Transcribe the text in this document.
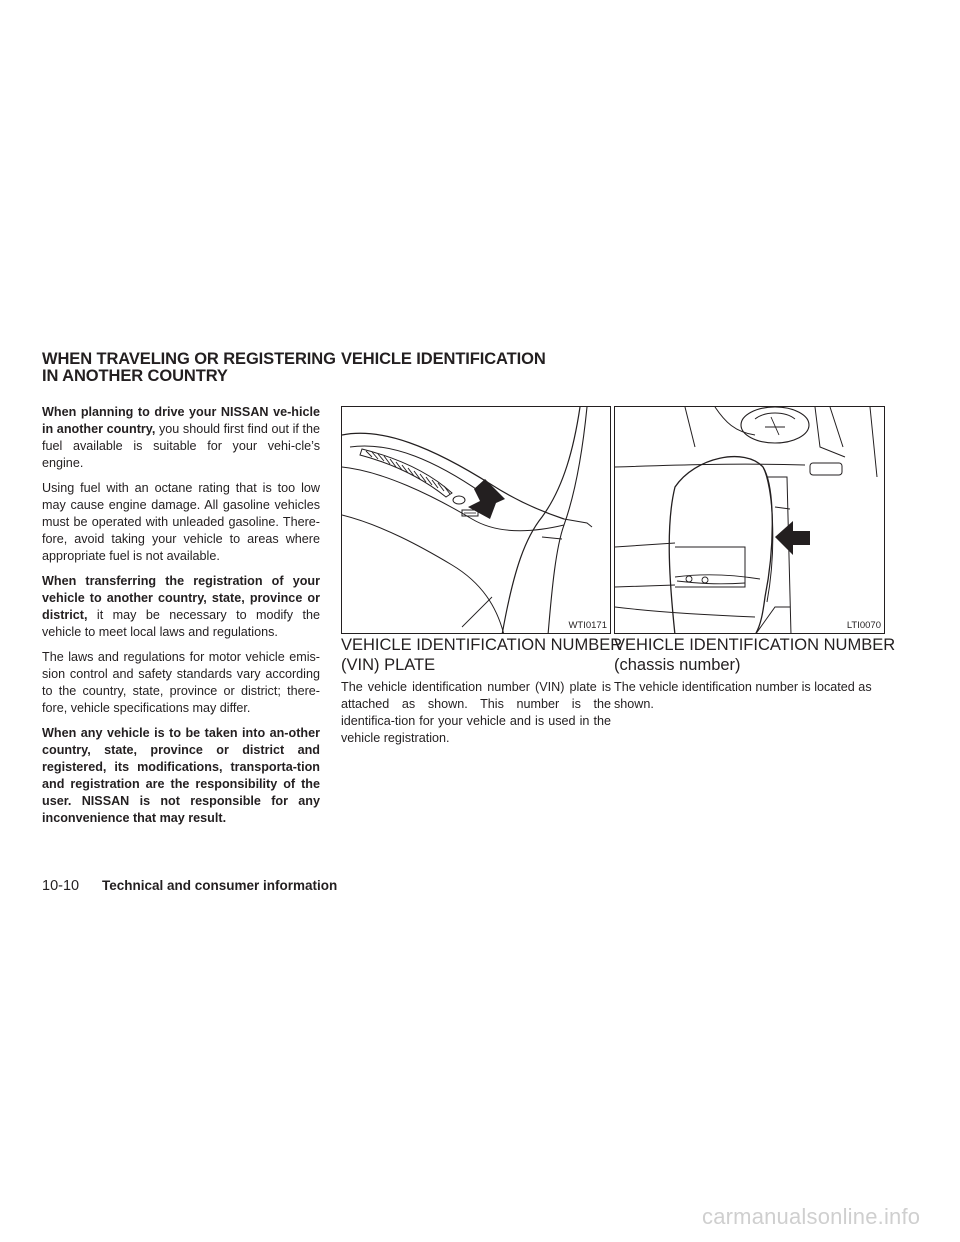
WHEN TRAVELING OR REGISTERING
IN ANOTHER COUNTRY
VEHICLE IDENTIFICATION

When planning to drive your NISSAN ve-hicle in another country, you should first find out if the fuel available is suitable for your vehi-cle’s engine.

Using fuel with an octane rating that is too low may cause engine damage. All gasoline vehicles must be operated with unleaded gasoline. There-fore, avoid taking your vehicle to areas where appropriate fuel is not available.

When transferring the registration of your vehicle to another country, state, province or district, it may be necessary to modify the vehicle to meet local laws and regulations.

The laws and regulations for motor vehicle emis-sion control and safety standards vary according to the country, state, province or district; there-fore, vehicle specifications may differ.

When any vehicle is to be taken into an-other country, state, province or district and registered, its modifications, transporta-tion and registration are the responsibility of the user. NISSAN is not responsible for any inconvenience that may result.

WTI0171	LTI0070
VEHICLE IDENTIFICATION NUMBER
(VIN) PLATE
The vehicle identification number (VIN) plate is attached as shown. This number is the identifica-tion for your vehicle and is used in the vehicle registration.
VEHICLE IDENTIFICATION NUMBER
(chassis number)
The vehicle identification number is located as shown.
10-10 Technical and consumer information
carmanualsonline.info
